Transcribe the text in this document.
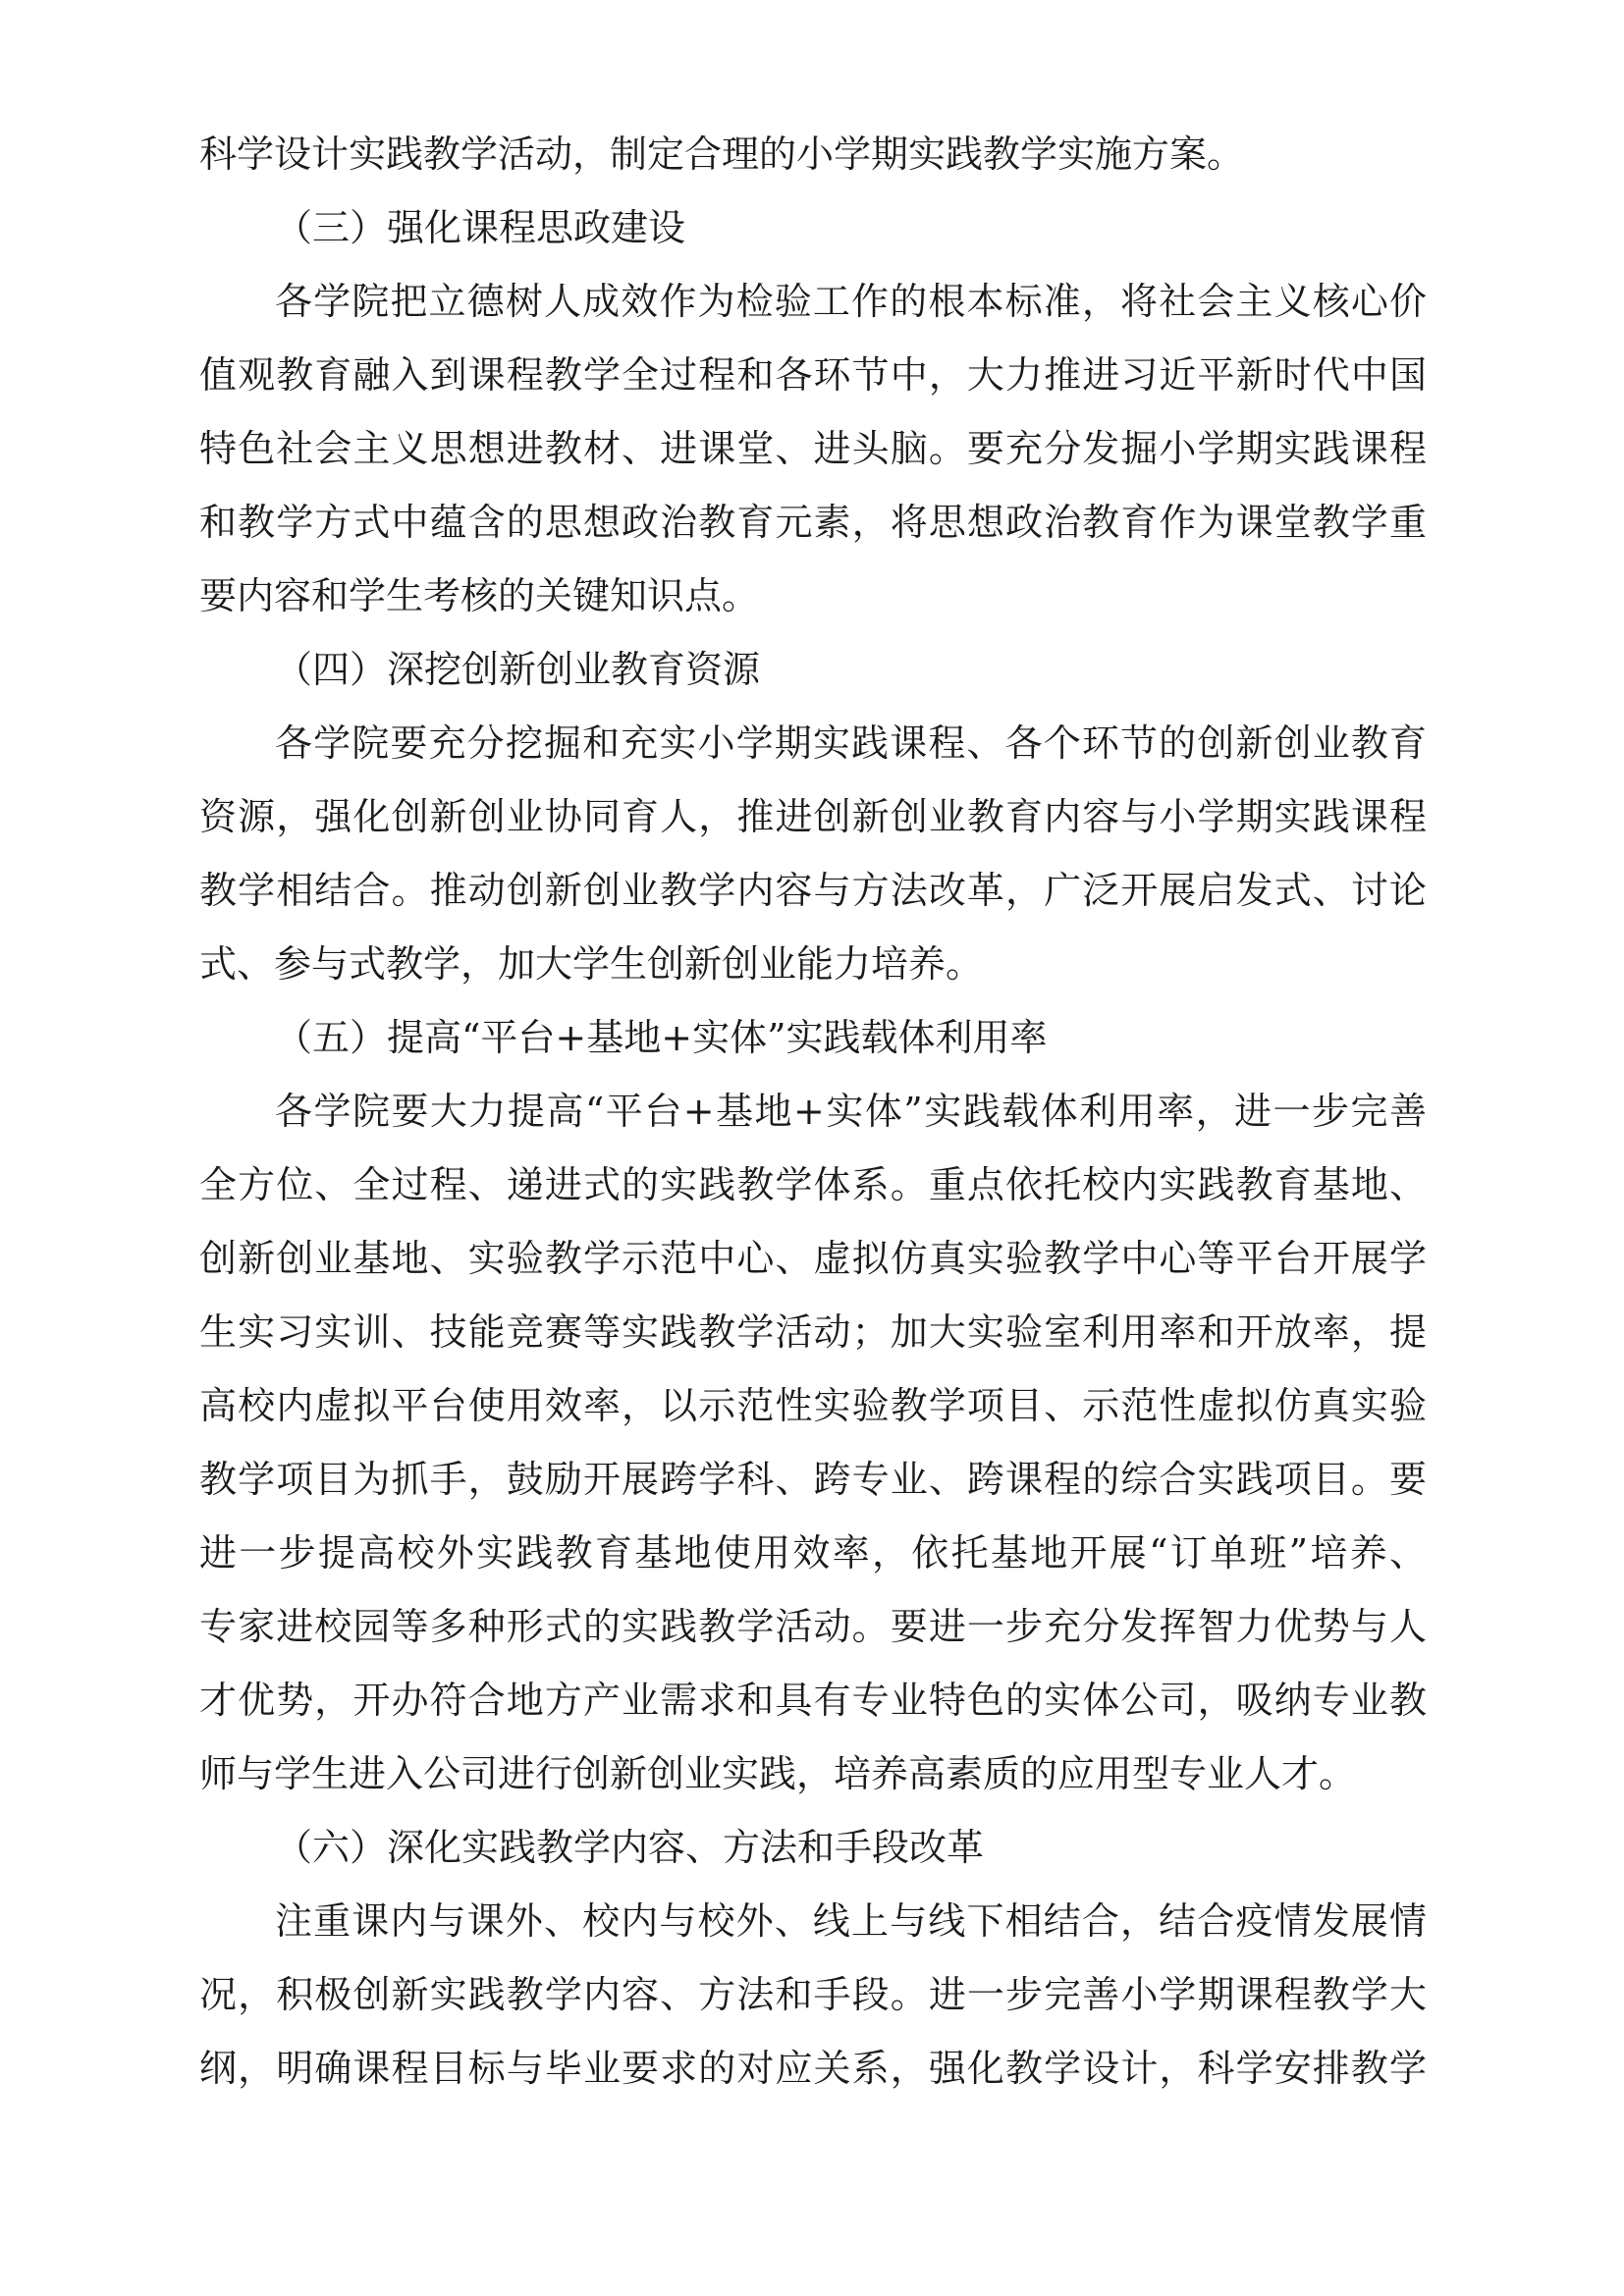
科学设计实践教学活动，制定合理的小学期实践教学实施方案。
（三）强化课程思政建设
各学院把立德树人成效作为检验工作的根本标准，将社会主义核心价
值观教育融入到课程教学全过程和各环节中，大力推进习近平新时代中国
特色社会主义思想进教材、进课堂、进头脑。要充分发掘小学期实践课程
和教学方式中蕴含的思想政治教育元素，将思想政治教育作为课堂教学重
要内容和学生考核的关键知识点。
（四）深挖创新创业教育资源
各学院要充分挖掘和充实小学期实践课程、各个环节的创新创业教育
资源，强化创新创业协同育人，推进创新创业教育内容与小学期实践课程
教学相结合。推动创新创业教学内容与方法改革，广泛开展启发式、讨论
式、参与式教学，加大学生创新创业能力培养。
（五）提高“平台+基地+实体”实践载体利用率
各学院要大力提高“平台+基地+实体”实践载体利用率，进一步完善
全方位、全过程、递进式的实践教学体系。重点依托校内实践教育基地、
创新创业基地、实验教学示范中心、虚拟仿真实验教学中心等平台开展学
生实习实训、技能竞赛等实践教学活动；加大实验室利用率和开放率，提
高校内虚拟平台使用效率，以示范性实验教学项目、示范性虚拟仿真实验
教学项目为抓手，鼓励开展跨学科、跨专业、跨课程的综合实践项目。要
进一步提高校外实践教育基地使用效率，依托基地开展“订单班”培养、
专家进校园等多种形式的实践教学活动。要进一步充分发挥智力优势与人
才优势，开办符合地方产业需求和具有专业特色的实体公司，吸纳专业教
师与学生进入公司进行创新创业实践，培养高素质的应用型专业人才。
（六）深化实践教学内容、方法和手段改革
注重课内与课外、校内与校外、线上与线下相结合，结合疫情发展情
况，积极创新实践教学内容、方法和手段。进一步完善小学期课程教学大
纲，明确课程目标与毕业要求的对应关系，强化教学设计，科学安排教学
